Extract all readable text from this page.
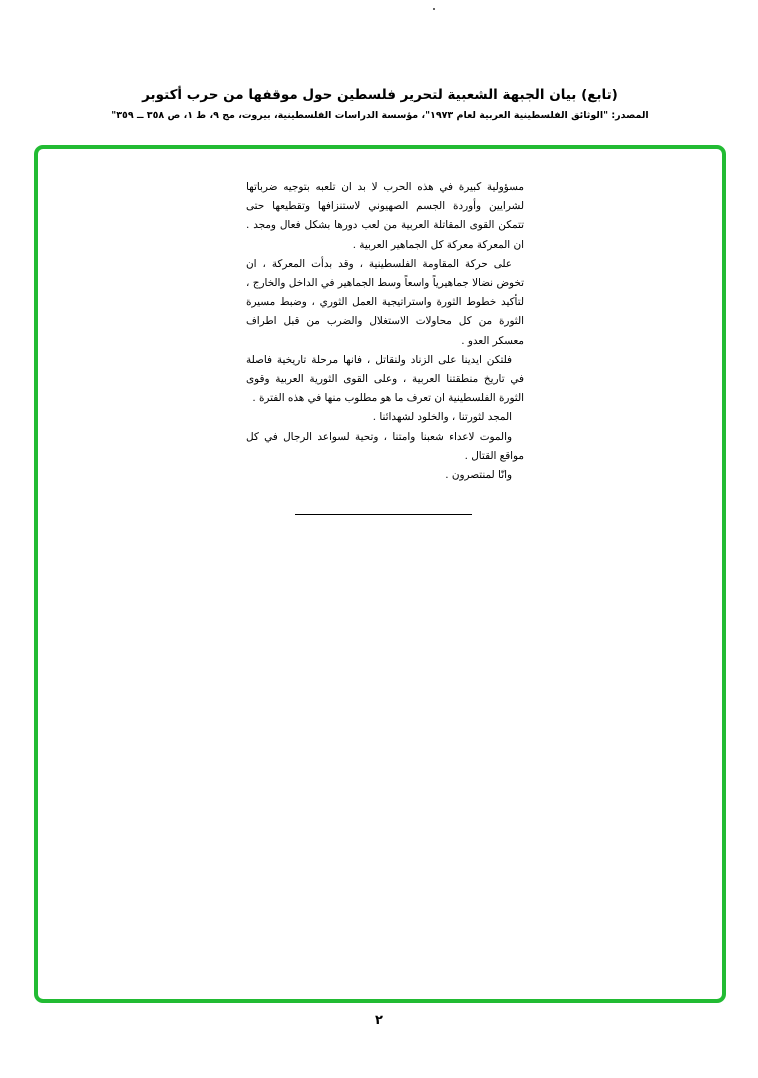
(تابع) بيان الجبهة الشعبية لتحرير فلسطين حول موقفها من حرب أكتوبر
المصدر: "الوثائق الفلسطينية العربية لعام ١٩٧٣"، مؤسسة الدراسات الفلسطينية، بيروت، مج ٩، ط ١، ص ٣٥٨ ــ ٣٥٩"

مسؤولية كبيرة في هذه الحرب لا بد ان تلعبه بتوجيه ضرباتها لشرايين وأوردة الجسم الصهيوني لاستنزافها وتقطيعها حتى تتمكن القوى المقاتلة العربية من لعب دورها بشكل فعال ومجد . ان المعركة معركة كل الجماهير العربية .

على حركة المقاومة الفلسطينية ، وقد بدأت المعركة ، ان تخوض نضالا جماهيرياً واسعاً وسط الجماهير في الداخل والخارج ، لتأكيد خطوط الثورة واستراتيجية العمل الثوري ، وضبط مسيرة الثورة من كل محاولات الاستغلال والضرب من قبل اطراف معسكر العدو .

فلتكن ايدينا على الزناد ولنقاتل ، فانها مرحلة تاريخية فاصلة في تاريخ منطقتنا العربية ، وعلى القوى الثورية العربية وقوى الثورة الفلسطينية ان تعرف ما هو مطلوب منها في هذه الفترة .

المجد لثورتنا ، والخلود لشهدائنا .

والموت لاعداء شعبنا وامتنا ، وتحية لسواعد الرجال في كل مواقع القتال .

وانّا لمنتصرون .

٢
